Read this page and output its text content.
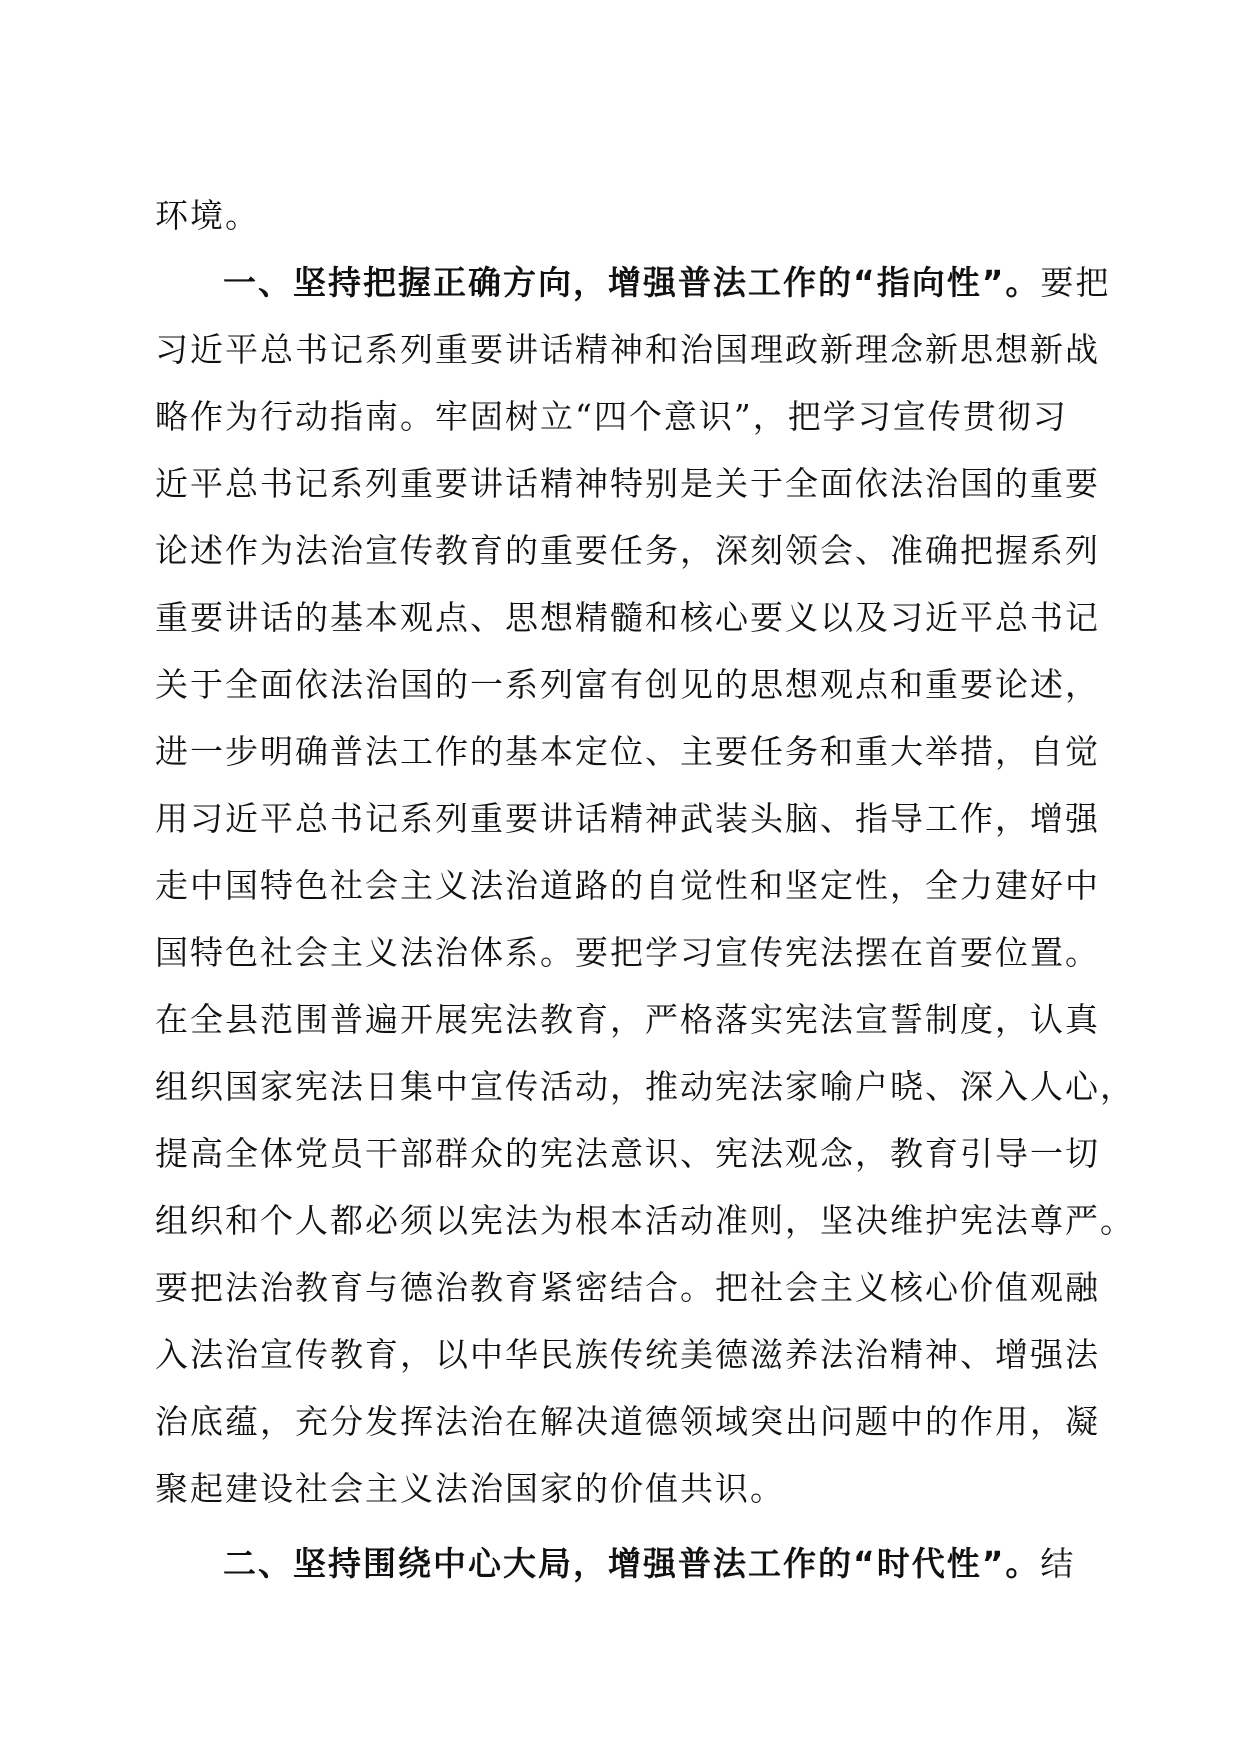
环境。
一、坚持把握正确方向，增强普法工作的“指向性”。要把
习近平总书记系列重要讲话精神和治国理政新理念新思想新战
略作为行动指南。牢固树立“四个意识”，把学习宣传贯彻习
近平总书记系列重要讲话精神特别是关于全面依法治国的重要
论述作为法治宣传教育的重要任务，深刻领会、准确把握系列
重要讲话的基本观点、思想精髓和核心要义以及习近平总书记
关于全面依法治国的一系列富有创见的思想观点和重要论述，
进一步明确普法工作的基本定位、主要任务和重大举措，自觉
用习近平总书记系列重要讲话精神武装头脑、指导工作，增强
走中国特色社会主义法治道路的自觉性和坚定性，全力建好中
国特色社会主义法治体系。要把学习宣传宪法摆在首要位置。
在全县范围普遍开展宪法教育，严格落实宪法宣誓制度，认真
组织国家宪法日集中宣传活动，推动宪法家喻户晓、深入人心，
提高全体党员干部群众的宪法意识、宪法观念，教育引导一切
组织和个人都必须以宪法为根本活动准则，坚决维护宪法尊严。
要把法治教育与德治教育紧密结合。把社会主义核心价值观融
入法治宣传教育，以中华民族传统美德滋养法治精神、增强法
治底蕴，充分发挥法治在解决道德领域突出问题中的作用，凝
聚起建设社会主义法治国家的价值共识。
二、坚持围绕中心大局，增强普法工作的“时代性”。结
